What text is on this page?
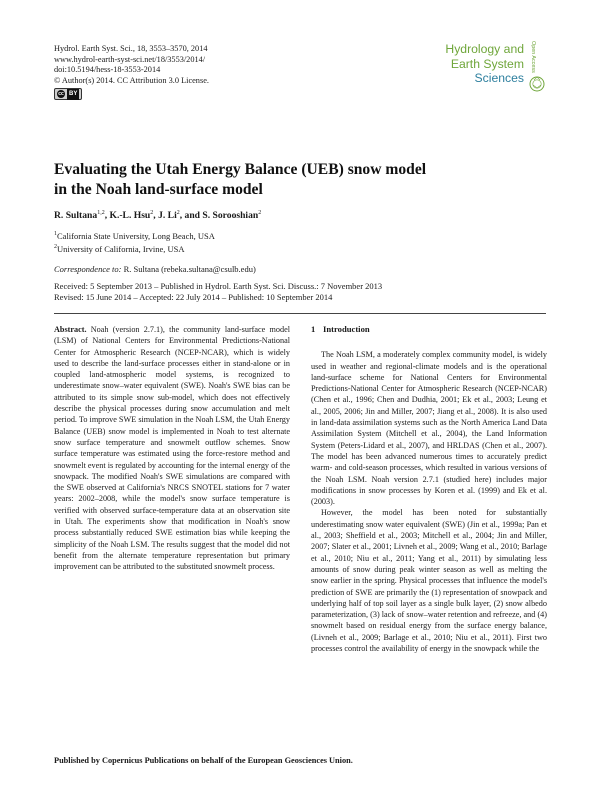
Hydrol. Earth Syst. Sci., 18, 3553–3570, 2014
www.hydrol-earth-syst-sci.net/18/3553/2014/
doi:10.5194/hess-18-3553-2014
© Author(s) 2014. CC Attribution 3.0 License.
cc BY
Hydrology and
Earth System
Sciences
Open Access
Evaluating the Utah Energy Balance (UEB) snow model
in the Noah land-surface model
R. Sultana$^{1,2}$, K.-L. Hsu$^2$, J. Li$^2$, and S. Sorooshian$^2$
$^1$California State University, Long Beach, USA
$^2$University of California, Irvine, USA
Correspondence to: R. Sultana (rebeka.sultana@csulb.edu)
Received: 5 September 2013 – Published in Hydrol. Earth Syst. Sci. Discuss.: 7 November 2013
Revised: 15 June 2014 – Accepted: 22 July 2014 – Published: 10 September 2014

Abstract. Noah (version 2.7.1), the community land-surface model (LSM) of National Centers for Environmental Predictions-National Center for Atmospheric Research (NCEP-NCAR), which is widely used to describe the land-surface processes either in stand-alone or in coupled land-atmospheric model systems, is recognized to underestimate snow–water equivalent (SWE). Noah's SWE bias can be attributed to its simple snow sub-model, which does not effectively describe the physical processes during snow accumulation and melt period. To improve SWE simulation in the Noah LSM, the Utah Energy Balance (UEB) snow model is implemented in Noah to test alternate snow surface temperature and snowmelt outflow schemes. Snow surface temperature was estimated using the force-restore method and snowmelt event is regulated by accounting for the internal energy of the snowpack. The modified Noah's SWE simulations are compared with the SWE observed at California's NRCS SNOTEL stations for 7 water years: 2002–2008, while the model's snow surface temperature is verified with observed surface-temperature data at an observation site in Utah. The experiments show that modification in Noah's snow process substantially reduced SWE estimation bias while keeping the simplicity of the Noah LSM. The results suggest that the model did not benefit from the alternate temperature representation but primary improvement can be attributed to the substituted snowmelt process.

1 Introduction

The Noah LSM, a moderately complex community model, is widely used in weather and regional-climate models and is the operational land-surface scheme for National Centers for Environmental Predictions-National Center for Atmospheric Research (NCEP-NCAR) (Chen et al., 1996; Chen and Dudhia, 2001; Ek et al., 2003; Leung et al., 2005, 2006; Jin and Miller, 2007; Jiang et al., 2008). It is also used in land-data assimilation systems such as the North America Land Data Assimilation System (Mitchell et al., 2004), the Land Information System (Peters-Lidard et al., 2007), and HRLDAS (Chen et al., 2007). The model has been advanced numerous times to accurately predict warm- and cold-season processes, which resulted in various versions of the Noah LSM. Noah version 2.7.1 (studied here) includes major modifications in snow processes by Koren et al. (1999) and Ek et al. (2003).

However, the model has been noted for substantially underestimating snow water equivalent (SWE) (Jin et al., 1999a; Pan et al., 2003; Sheffield et al., 2003; Mitchell et al., 2004; Jin and Miller, 2007; Slater et al., 2001; Livneh et al., 2009; Wang et al., 2010; Barlage et al., 2010; Niu et al., 2011; Yang et al., 2011) by simulating less amounts of snow during peak winter season as well as melting the snow earlier in the spring. Physical processes that influence the model's prediction of SWE are primarily the (1) representation of snowpack and underlying half of top soil layer as a single bulk layer, (2) snow albedo parameterization, (3) lack of snow–water retention and refreeze, and (4) snowmelt based on residual energy from the surface energy balance, (Livneh et al., 2009; Barlage et al., 2010; Niu et al., 2011). First two processes control the availability of energy in the snowpack while the

Published by Copernicus Publications on behalf of the European Geosciences Union.
